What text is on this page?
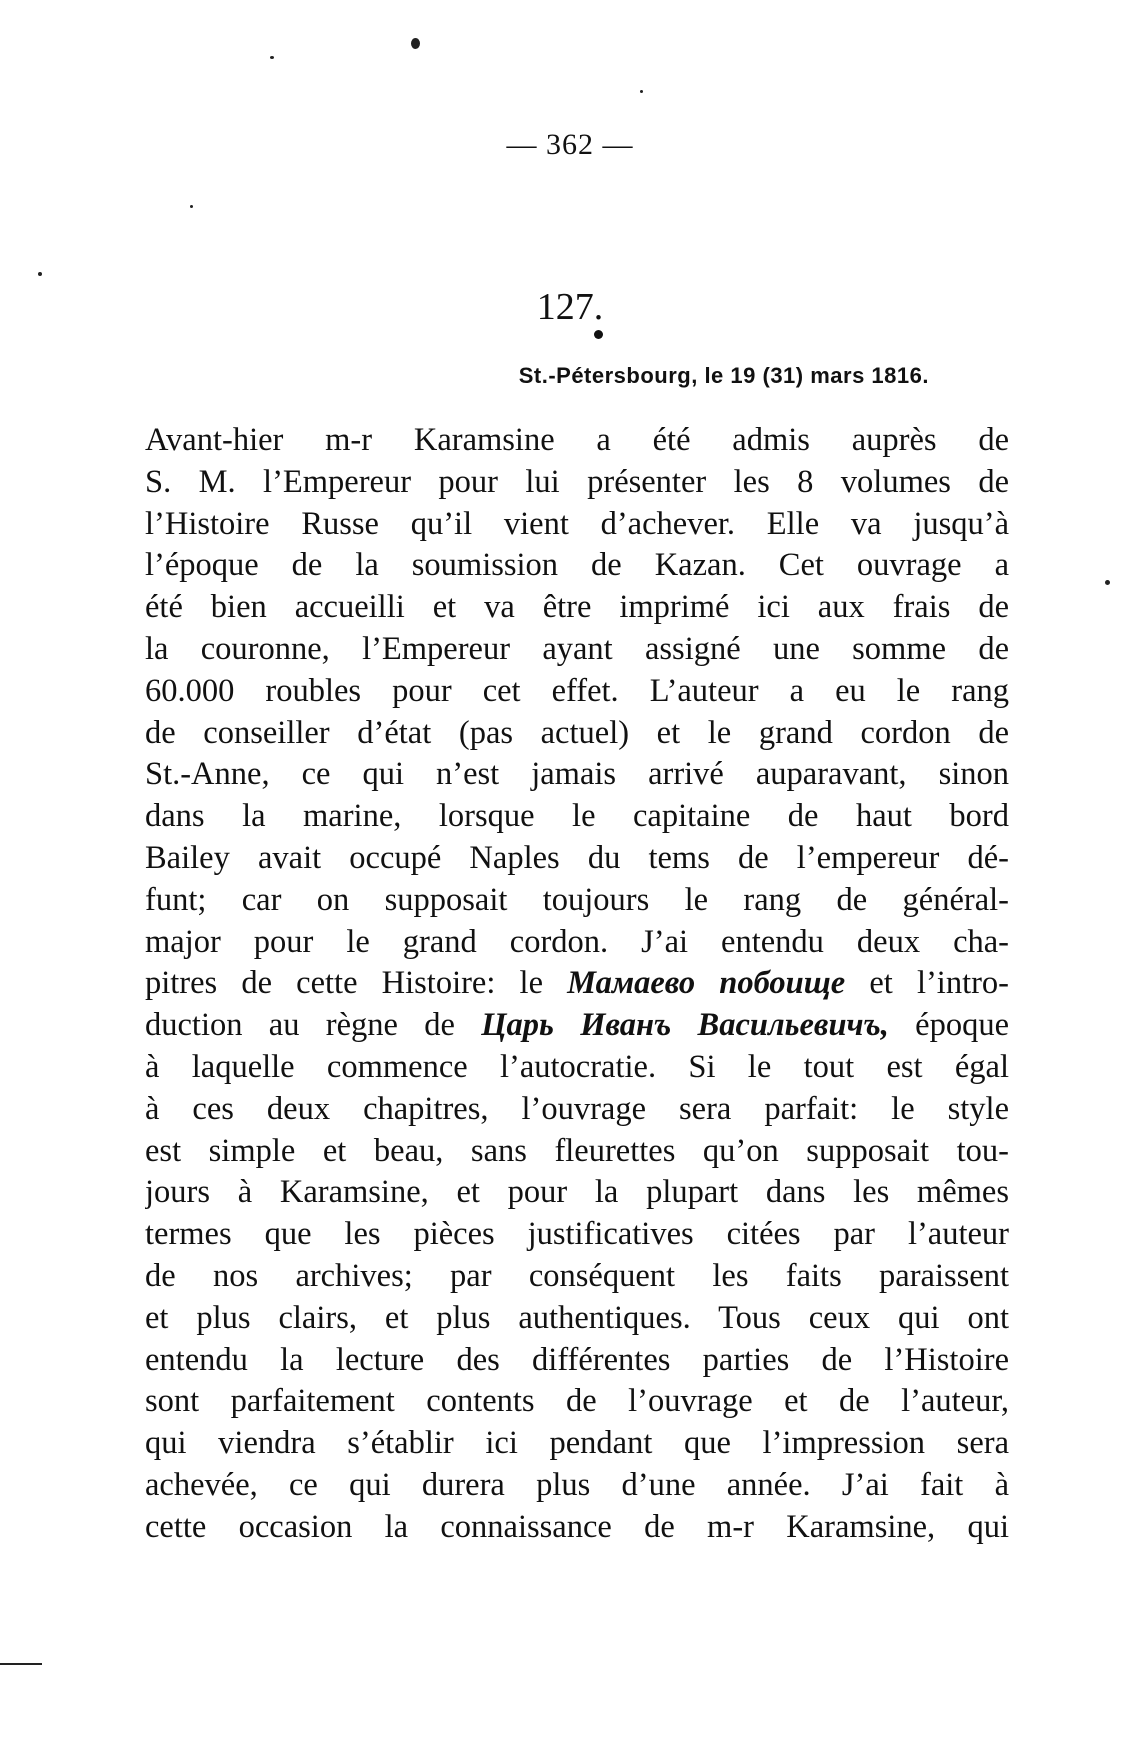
— 362 —
127.
St.-Pétersbourg, le 19 (31) mars 1816.
Avant-hier m-r Karamsine a été admis auprès de
S. M. l’Empereur pour lui présenter les 8 volumes de
l’Histoire Russe qu’il vient d’achever. Elle va jusqu’à
l’époque de la soumission de Kazan. Cet ouvrage a
été bien accueilli et va être imprimé ici aux frais de
la couronne, l’Empereur ayant assigné une somme de
60.000 roubles pour cet effet. L’auteur a eu le rang
de conseiller d’état (pas actuel) et le grand cordon de
St.-Anne, ce qui n’est jamais arrivé auparavant, sinon
dans la marine, lorsque le capitaine de haut bord
Bailey avait occupé Naples du tems de l’empereur dé-
funt; car on supposait toujours le rang de général-
major pour le grand cordon. J’ai entendu deux cha-
pitres de cette Histoire: le Мамаево побоище et l’intro-
duction au règne de Царь Иванъ Васильевичъ, époque
à laquelle commence l’autocratie. Si le tout est égal
à ces deux chapitres, l’ouvrage sera parfait: le style
est simple et beau, sans fleurettes qu’on supposait tou-
jours à Karamsine, et pour la plupart dans les mêmes
termes que les pièces justificatives citées par l’auteur
de nos archives; par conséquent les faits paraissent
et plus clairs, et plus authentiques. Tous ceux qui ont
entendu la lecture des différentes parties de l’Histoire
sont parfaitement contents de l’ouvrage et de l’auteur,
qui viendra s’établir ici pendant que l’impression sera
achevée, ce qui durera plus d’une année. J’ai fait à
cette occasion la connaissance de m-r Karamsine, qui
